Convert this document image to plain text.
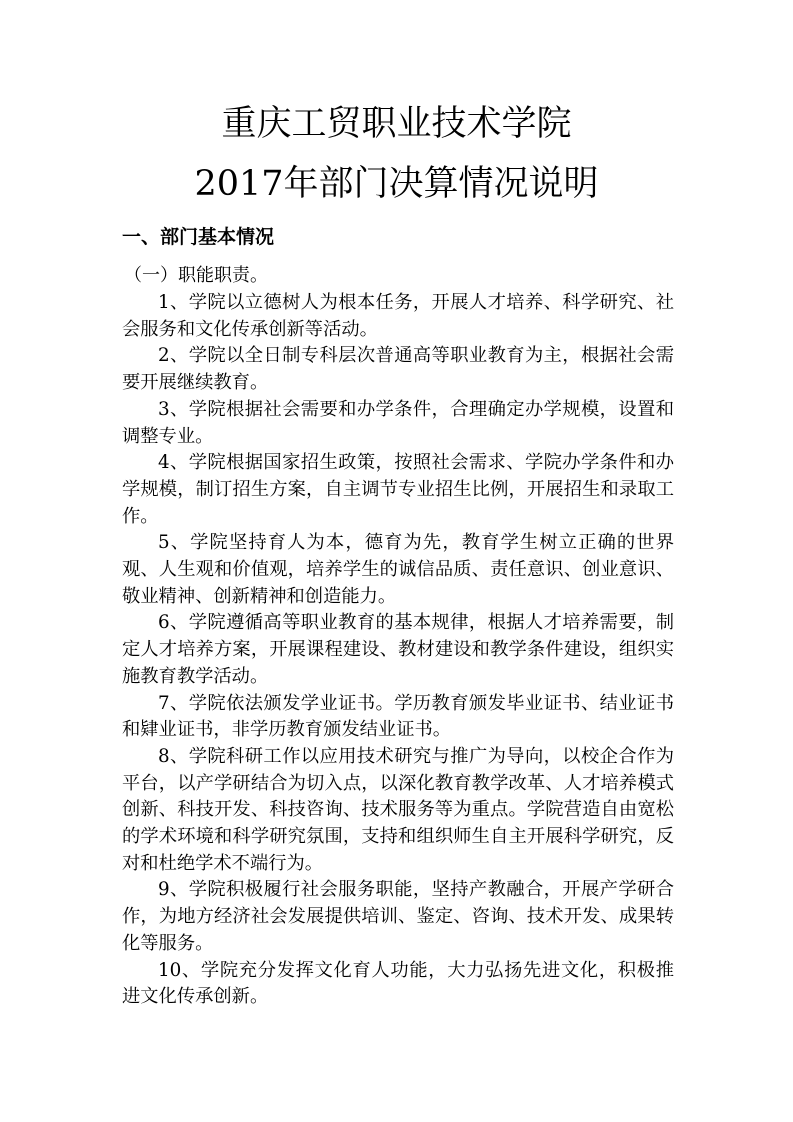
重庆工贸职业技术学院
2017年部门决算情况说明
一、部门基本情况
（一）职能职责。

1、学院以立德树人为根本任务，开展人才培养、科学研究、社会服务和文化传承创新等活动。

2、学院以全日制专科层次普通高等职业教育为主，根据社会需要开展继续教育。

3、学院根据社会需要和办学条件，合理确定办学规模，设置和调整专业。

4、学院根据国家招生政策，按照社会需求、学院办学条件和办学规模，制订招生方案，自主调节专业招生比例，开展招生和录取工作。

5、学院坚持育人为本，德育为先，教育学生树立正确的世界观、人生观和价值观，培养学生的诚信品质、责任意识、创业意识、敬业精神、创新精神和创造能力。

6、学院遵循高等职业教育的基本规律，根据人才培养需要，制定人才培养方案，开展课程建设、教材建设和教学条件建设，组织实施教育教学活动。

7、学院依法颁发学业证书。学历教育颁发毕业证书、结业证书和肄业证书，非学历教育颁发结业证书。

8、学院科研工作以应用技术研究与推广为导向，以校企合作为平台，以产学研结合为切入点，以深化教育教学改革、人才培养模式创新、科技开发、科技咨询、技术服务等为重点。学院营造自由宽松的学术环境和科学研究氛围，支持和组织师生自主开展科学研究，反对和杜绝学术不端行为。

9、学院积极履行社会服务职能，坚持产教融合，开展产学研合作，为地方经济社会发展提供培训、鉴定、咨询、技术开发、成果转化等服务。

10、学院充分发挥文化育人功能，大力弘扬先进文化，积极推进文化传承创新。
